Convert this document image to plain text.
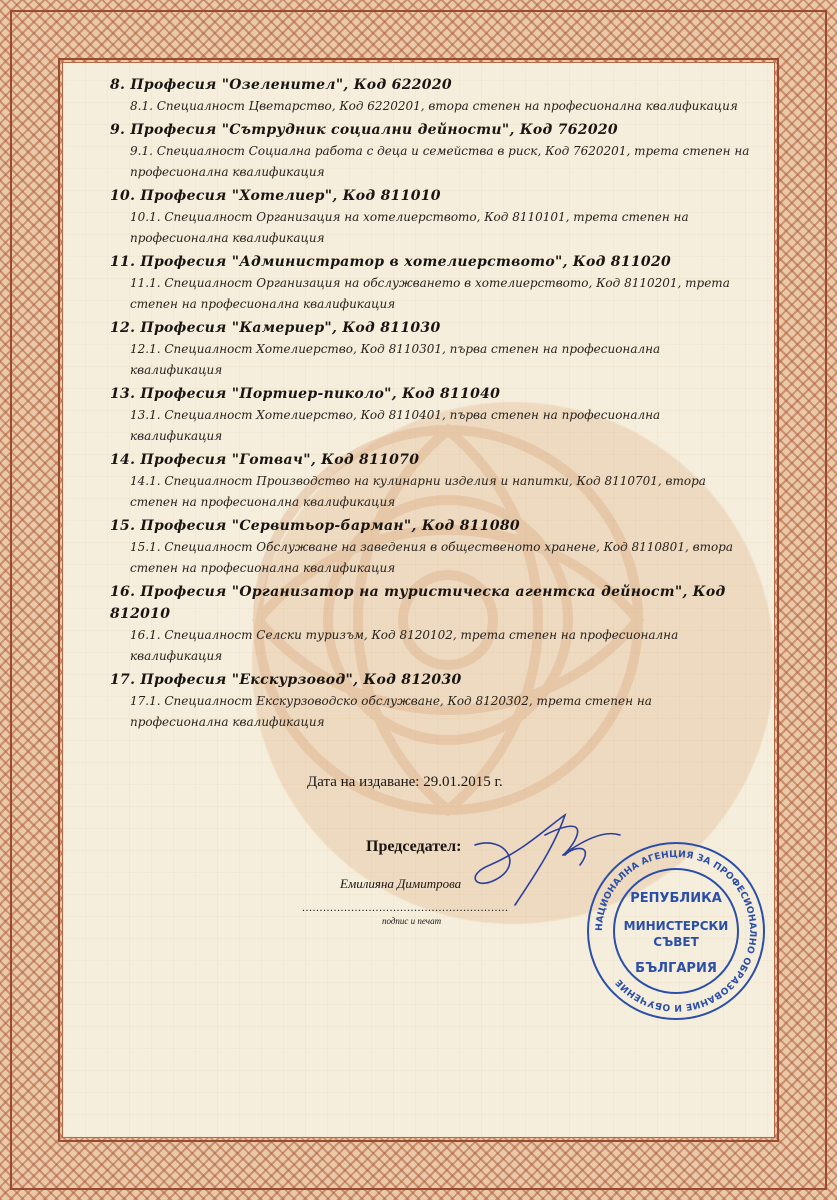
8. Професия "Озеленител", Код 622020

8.1. Специалност Цветарство, Код 6220201, втора степен на професионална квалификация

9. Професия "Сътрудник социални дейности", Код 762020

9.1. Специалност Социална работа с деца и семейства в риск, Код 7620201, трета степен на професионална квалификация

10. Професия "Хотелиер", Код 811010

10.1. Специалност Организация на хотелиерството, Код 8110101, трета степен на професионална квалификация

11. Професия "Администратор в хотелиерството", Код 811020

11.1. Специалност Организация на обслужването в хотелиерството, Код 8110201, трета степен на професионална квалификация

12. Професия "Камериер", Код 811030

12.1. Специалност Хотелиерство, Код 8110301, първа степен на професионална квалификация

13. Професия "Портиер-пиколо", Код 811040

13.1. Специалност Хотелиерство, Код 8110401, първа степен на професионална квалификация

14. Професия "Готвач", Код 811070

14.1. Специалност Производство на кулинарни изделия и напитки, Код 8110701, втора степен на професионална квалификация

15. Професия "Сервитьор-барман", Код 811080

15.1. Специалност Обслужване на заведения в общественото хранене, Код 8110801, втора степен на професионална квалификация

16. Професия "Организатор на туристическа агентска дейност", Код 812010

16.1. Специалност Селски туризъм, Код 8120102, трета степен на професионална квалификация

17. Професия "Екскурзовод", Код 812030

17.1. Специалност Екскурзоводско обслужване, Код 8120302, трета степен на професионална квалификация

Дата на издаване: 29.01.2015 г.
Председател:
Емилияна Димитрова
...........................................................
подпис и печат
НАЦИОНАЛНА АГЕНЦИЯ ЗА ПРОФЕСИОНАЛНО ОБРАЗОВАНИЕ И ОБУЧЕНИЕ
РЕПУБЛИКА
МИНИСТЕРСКИ
СЪВЕТ
БЪЛГАРИЯ
